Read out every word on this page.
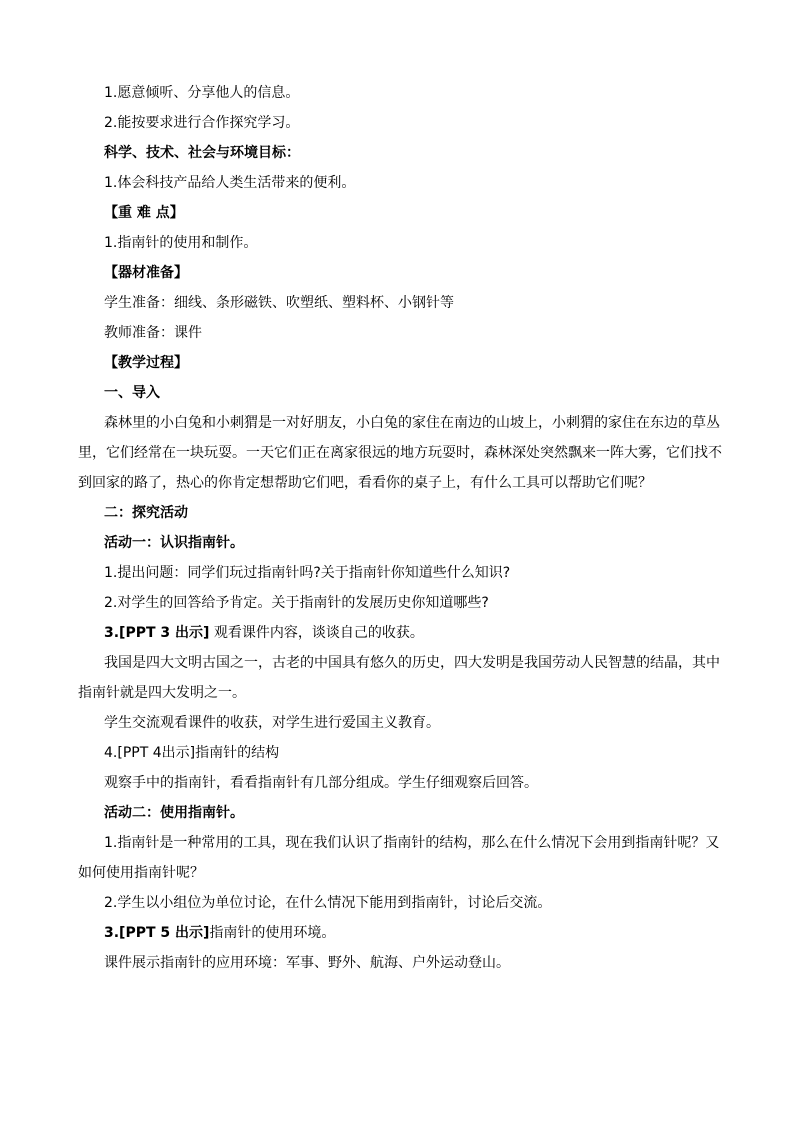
1.愿意倾听、分享他人的信息。
2.能按要求进行合作探究学习。
科学、技术、社会与环境目标：
1.体会科技产品给人类生活带来的便利。
【重 难 点】
1.指南针的使用和制作。
【器材准备】
学生准备：细线、条形磁铁、吹塑纸、塑料杯、小钢针等
教师准备：课件
【教学过程】
一、导入
森林里的小白兔和小刺猬是一对好朋友，小白兔的家住在南边的山坡上，小刺猬的家住在东边的草丛
里，它们经常在一块玩耍。一天它们正在离家很远的地方玩耍时，森林深处突然飘来一阵大雾，它们找不
到回家的路了，热心的你肯定想帮助它们吧，看看你的桌子上，有什么工具可以帮助它们呢？
二：探究活动
活动一：认识指南针。
1.提出问题：同学们玩过指南针吗?关于指南针你知道些什么知识?
2.对学生的回答给予肯定。关于指南针的发展历史你知道哪些?
3.[PPT 3 出示] 观看课件内容，谈谈自己的收获。
我国是四大文明古国之一，古老的中国具有悠久的历史，四大发明是我国劳动人民智慧的结晶，其中
指南针就是四大发明之一。
学生交流观看课件的收获，对学生进行爱国主义教育。
4.[PPT 4出示]指南针的结构
观察手中的指南针，看看指南针有几部分组成。学生仔细观察后回答。
活动二：使用指南针。
1.指南针是一种常用的工具，现在我们认识了指南针的结构，那么在什么情况下会用到指南针呢？又
如何使用指南针呢？
2.学生以小组位为单位讨论，在什么情况下能用到指南针，讨论后交流。
3.[PPT 5 出示]指南针的使用环境。
课件展示指南针的应用环境：军事、野外、航海、户外运动登山。
